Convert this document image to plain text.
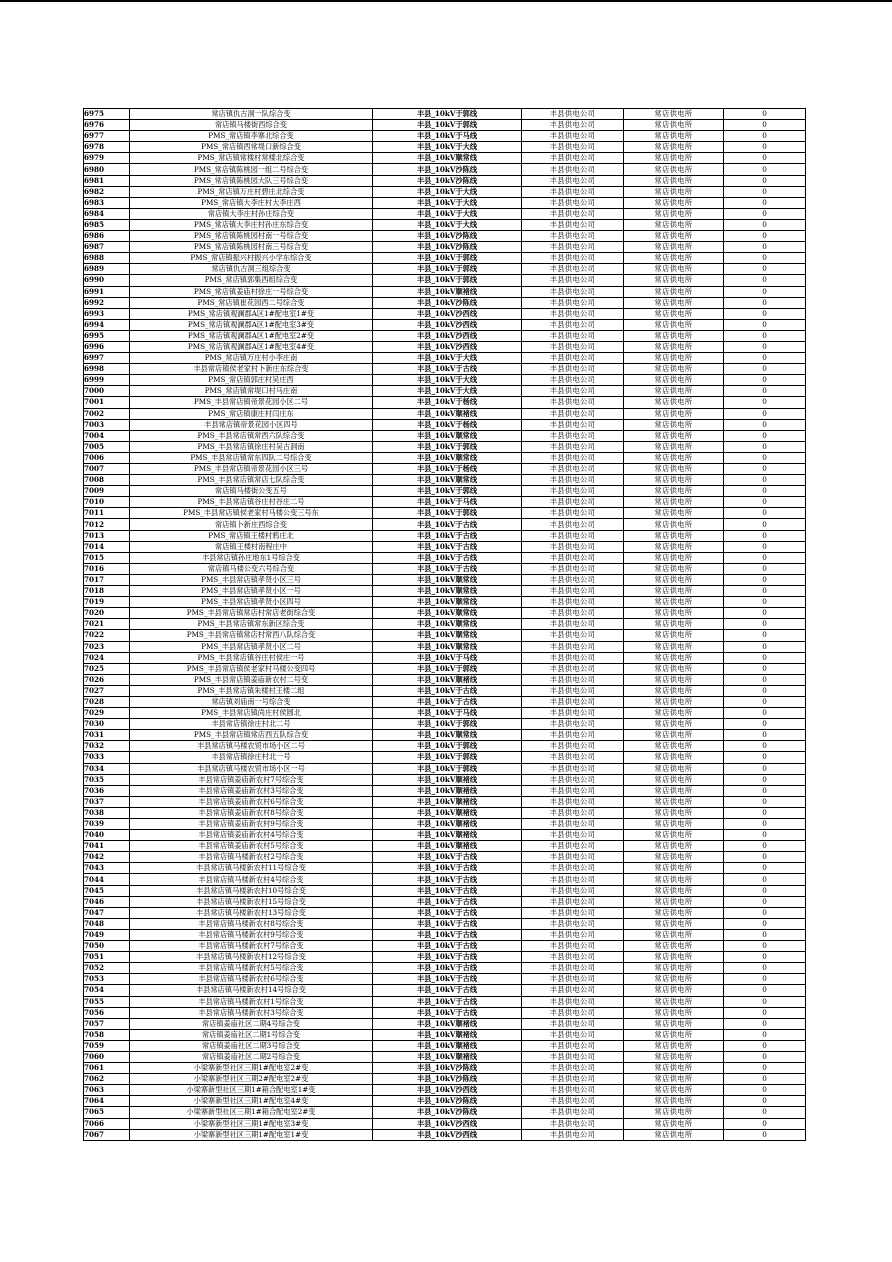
6975	常店镇仇古洞一队综合变	丰县_10kV于郭线	丰县供电公司	常店供电所	0
6976	常店镇马楼街西综合变	丰县_10kV于郭线	丰县供电公司	常店供电所	0
6977	PMS_常店镇李寨北综合变	丰县_10kV于马线	丰县供电公司	常店供电所	0
6978	PMS_常店镇西常堤口新综合变	丰县_10kV于大线	丰县供电公司	常店供电所	0
6979	PMS_常店镇常楼村常楼北综合变	丰县_10kV顺常线	丰县供电公司	常店供电所	0
6980	PMS_常店镇陈桃园一组二号综合变	丰县_10kV沙陈线	丰县供电公司	常店供电所	0
6981	PMS_常店镇陈桃园大队三号综合变	丰县_10kV沙陈线	丰县供电公司	常店供电所	0
6982	PMS_常店镇万庄村碧庄北综合变	丰县_10kV于大线	丰县供电公司	常店供电所	0
6983	PMS_常店镇大李庄村大李庄西	丰县_10kV于大线	丰县供电公司	常店供电所	0
6984	常店镇大李庄村孙庄综合变	丰县_10kV于大线	丰县供电公司	常店供电所	0
6985	PMS_常店镇大李庄村孙庄东综合变	丰县_10kV于大线	丰县供电公司	常店供电所	0
6986	PMS_常店镇陈桃园村南一号综合变	丰县_10kV沙陈线	丰县供电公司	常店供电所	0
6987	PMS_常店镇陈桃园村南三号综合变	丰县_10kV沙陈线	丰县供电公司	常店供电所	0
6988	PMS_常店镇振兴村振兴小学东综合变	丰县_10kV于郭线	丰县供电公司	常店供电所	0
6989	常店镇仇古洞三组综合变	丰县_10kV于郭线	丰县供电公司	常店供电所	0
6990	PMS_常店镇郭集西组综合变	丰县_10kV于郭线	丰县供电公司	常店供电所	0
6991	PMS_常店镇姜庙村徐庄一号综合变	丰县_10kV顺褚线	丰县供电公司	常店供电所	0
6992	PMS_常店镇崔花园西二号综合变	丰县_10kV沙陈线	丰县供电公司	常店供电所	0
6993	PMS_常店镇观澜郡A区1#配电室1#变	丰县_10kV沙西线	丰县供电公司	常店供电所	0
6994	PMS_常店镇观澜郡A区1#配电室3#变	丰县_10kV沙西线	丰县供电公司	常店供电所	0
6995	PMS_常店镇观澜郡A区1#配电室2#变	丰县_10kV沙西线	丰县供电公司	常店供电所	0
6996	PMS_常店镇观澜郡A区1#配电室4#变	丰县_10kV沙西线	丰县供电公司	常店供电所	0
6997	PMS_常店镇万庄村小李庄南	丰县_10kV于大线	丰县供电公司	常店供电所	0
6998	丰县常店镇侯老家村卜新庄东综合变	丰县_10kV于古线	丰县供电公司	常店供电所	0
6999	PMS_常店镇郭庄村吴庄西	丰县_10kV于大线	丰县供电公司	常店供电所	0
7000	PMS_常店镇常堤口村马庄南	丰县_10kV于大线	丰县供电公司	常店供电所	0
7001	PMS_丰县常店镇帝景花园小区二号	丰县_10kV于杨线	丰县供电公司	常店供电所	0
7002	PMS_常店镇康庄村闫庄东	丰县_10kV顺褚线	丰县供电公司	常店供电所	0
7003	丰县常店镇帝景花园小区四号	丰县_10kV于杨线	丰县供电公司	常店供电所	0
7004	PMS_丰县常店镇常西六队综合变	丰县_10kV顺常线	丰县供电公司	常店供电所	0
7005	PMS_丰县常店镇徐庄村吴古洞南	丰县_10kV于郭线	丰县供电公司	常店供电所	0
7006	PMS_丰县常店镇常东四队二号综合变	丰县_10kV顺常线	丰县供电公司	常店供电所	0
7007	PMS_丰县常店镇帝景花园小区三号	丰县_10kV于杨线	丰县供电公司	常店供电所	0
7008	PMS_丰县常店镇常店七队综合变	丰县_10kV顺常线	丰县供电公司	常店供电所	0
7009	常店镇马楼街公变五号	丰县_10kV于郭线	丰县供电公司	常店供电所	0
7010	PMS_丰县常店镇谷庄村谷庄二号	丰县_10kV于马线	丰县供电公司	常店供电所	0
7011	PMS_丰县常店镇侯老家村马楼公变三号东	丰县_10kV于郭线	丰县供电公司	常店供电所	0
7012	常店镇卜新庄西综合变	丰县_10kV于古线	丰县供电公司	常店供电所	0
7013	PMS_常店镇王楼村鸦庄北	丰县_10kV于古线	丰县供电公司	常店供电所	0
7014	常店镇王楼村南程庄中	丰县_10kV于古线	丰县供电公司	常店供电所	0
7015	丰县常店镇孙庄地东1号综合变	丰县_10kV于古线	丰县供电公司	常店供电所	0
7016	常店镇马楼公变六号综合变	丰县_10kV于古线	丰县供电公司	常店供电所	0
7017	PMS_丰县常店镇孝贤小区三号	丰县_10kV顺常线	丰县供电公司	常店供电所	0
7018	PMS_丰县常店镇孝贤小区一号	丰县_10kV顺常线	丰县供电公司	常店供电所	0
7019	PMS_丰县常店镇孝贤小区四号	丰县_10kV顺常线	丰县供电公司	常店供电所	0
7020	PMS_丰县常店镇常店村常店老街综合变	丰县_10kV顺常线	丰县供电公司	常店供电所	0
7021	PMS_丰县常店镇常东新区综合变	丰县_10kV顺常线	丰县供电公司	常店供电所	0
7022	PMS_丰县常店镇常店村常西八队综合变	丰县_10kV顺常线	丰县供电公司	常店供电所	0
7023	PMS_丰县常店镇孝贤小区二号	丰县_10kV顺常线	丰县供电公司	常店供电所	0
7024	PMS_丰县常店镇谷庄村侯庄一号	丰县_10kV于马线	丰县供电公司	常店供电所	0
7025	PMS_丰县常店镇侯老家村马楼公变四号	丰县_10kV于郭线	丰县供电公司	常店供电所	0
7026	PMS_丰县常店镇姜庙新农村二号变	丰县_10kV顺褚线	丰县供电公司	常店供电所	0
7027	PMS_丰县常店镇朱楼村王楼二组	丰县_10kV于古线	丰县供电公司	常店供电所	0
7028	常店镇刘庙南一号综合变	丰县_10kV于古线	丰县供电公司	常店供电所	0
7029	PMS_丰县常店镇尚庄村侯圆北	丰县_10kV于马线	丰县供电公司	常店供电所	0
7030	丰县常店镇徐庄村北二号	丰县_10kV于郭线	丰县供电公司	常店供电所	0
7031	PMS_丰县常店镇常店西五队综合变	丰县_10kV顺常线	丰县供电公司	常店供电所	0
7032	丰县常店镇马楼农贸市场小区二号	丰县_10kV于郭线	丰县供电公司	常店供电所	0
7033	丰县常店镇徐庄村北一号	丰县_10kV于郭线	丰县供电公司	常店供电所	0
7034	丰县常店镇马楼农贸市场小区一号	丰县_10kV于郭线	丰县供电公司	常店供电所	0
7035	丰县常店镇姜庙新农村7号综合变	丰县_10kV顺褚线	丰县供电公司	常店供电所	0
7036	丰县常店镇姜庙新农村3号综合变	丰县_10kV顺褚线	丰县供电公司	常店供电所	0
7037	丰县常店镇姜庙新农村6号综合变	丰县_10kV顺褚线	丰县供电公司	常店供电所	0
7038	丰县常店镇姜庙新农村8号综合变	丰县_10kV顺褚线	丰县供电公司	常店供电所	0
7039	丰县常店镇姜庙新农村9号综合变	丰县_10kV顺褚线	丰县供电公司	常店供电所	0
7040	丰县常店镇姜庙新农村4号综合变	丰县_10kV顺褚线	丰县供电公司	常店供电所	0
7041	丰县常店镇姜庙新农村5号综合变	丰县_10kV顺褚线	丰县供电公司	常店供电所	0
7042	丰县常店镇马楼新农村2号综合变	丰县_10kV于古线	丰县供电公司	常店供电所	0
7043	丰县常店镇马楼新农村11号综合变	丰县_10kV于古线	丰县供电公司	常店供电所	0
7044	丰县常店镇马楼新农村4号综合变	丰县_10kV于古线	丰县供电公司	常店供电所	0
7045	丰县常店镇马楼新农村10号综合变	丰县_10kV于古线	丰县供电公司	常店供电所	0
7046	丰县常店镇马楼新农村15号综合变	丰县_10kV于古线	丰县供电公司	常店供电所	0
7047	丰县常店镇马楼新农村13号综合变	丰县_10kV于古线	丰县供电公司	常店供电所	0
7048	丰县常店镇马楼新农村8号综合变	丰县_10kV于古线	丰县供电公司	常店供电所	0
7049	丰县常店镇马楼新农村9号综合变	丰县_10kV于古线	丰县供电公司	常店供电所	0
7050	丰县常店镇马楼新农村7号综合变	丰县_10kV于古线	丰县供电公司	常店供电所	0
7051	丰县常店镇马楼新农村12号综合变	丰县_10kV于古线	丰县供电公司	常店供电所	0
7052	丰县常店镇马楼新农村5号综合变	丰县_10kV于古线	丰县供电公司	常店供电所	0
7053	丰县常店镇马楼新农村6号综合变	丰县_10kV于古线	丰县供电公司	常店供电所	0
7054	丰县常店镇马楼新农村14号综合变	丰县_10kV于古线	丰县供电公司	常店供电所	0
7055	丰县常店镇马楼新农村1号综合变	丰县_10kV于古线	丰县供电公司	常店供电所	0
7056	丰县常店镇马楼新农村3号综合变	丰县_10kV于古线	丰县供电公司	常店供电所	0
7057	常店镇姜庙社区二期4号综合变	丰县_10kV顺褚线	丰县供电公司	常店供电所	0
7058	常店镇姜庙社区二期1号综合变	丰县_10kV顺褚线	丰县供电公司	常店供电所	0
7059	常店镇姜庙社区二期3号综合变	丰县_10kV顺褚线	丰县供电公司	常店供电所	0
7060	常店镇姜庙社区二期2号综合变	丰县_10kV顺褚线	丰县供电公司	常店供电所	0
7061	小梁寨新型社区三期1#配电室2#变	丰县_10kV沙陈线	丰县供电公司	常店供电所	0
7062	小梁寨新型社区三期2#配电室2#变	丰县_10kV沙陈线	丰县供电公司	常店供电所	0
7063	小梁寨新型社区三期1#箱合配电室1#变	丰县_10kV沙西线	丰县供电公司	常店供电所	0
7064	小梁寨新型社区三期1#配电室4#变	丰县_10kV沙陈线	丰县供电公司	常店供电所	0
7065	小梁寨新型社区三期1#箱合配电室2#变	丰县_10kV沙陈线	丰县供电公司	常店供电所	0
7066	小梁寨新型社区三期1#配电室3#变	丰县_10kV沙西线	丰县供电公司	常店供电所	0
7067	小梁寨新型社区三期1#配电室1#变	丰县_10kV沙西线	丰县供电公司	常店供电所	0
